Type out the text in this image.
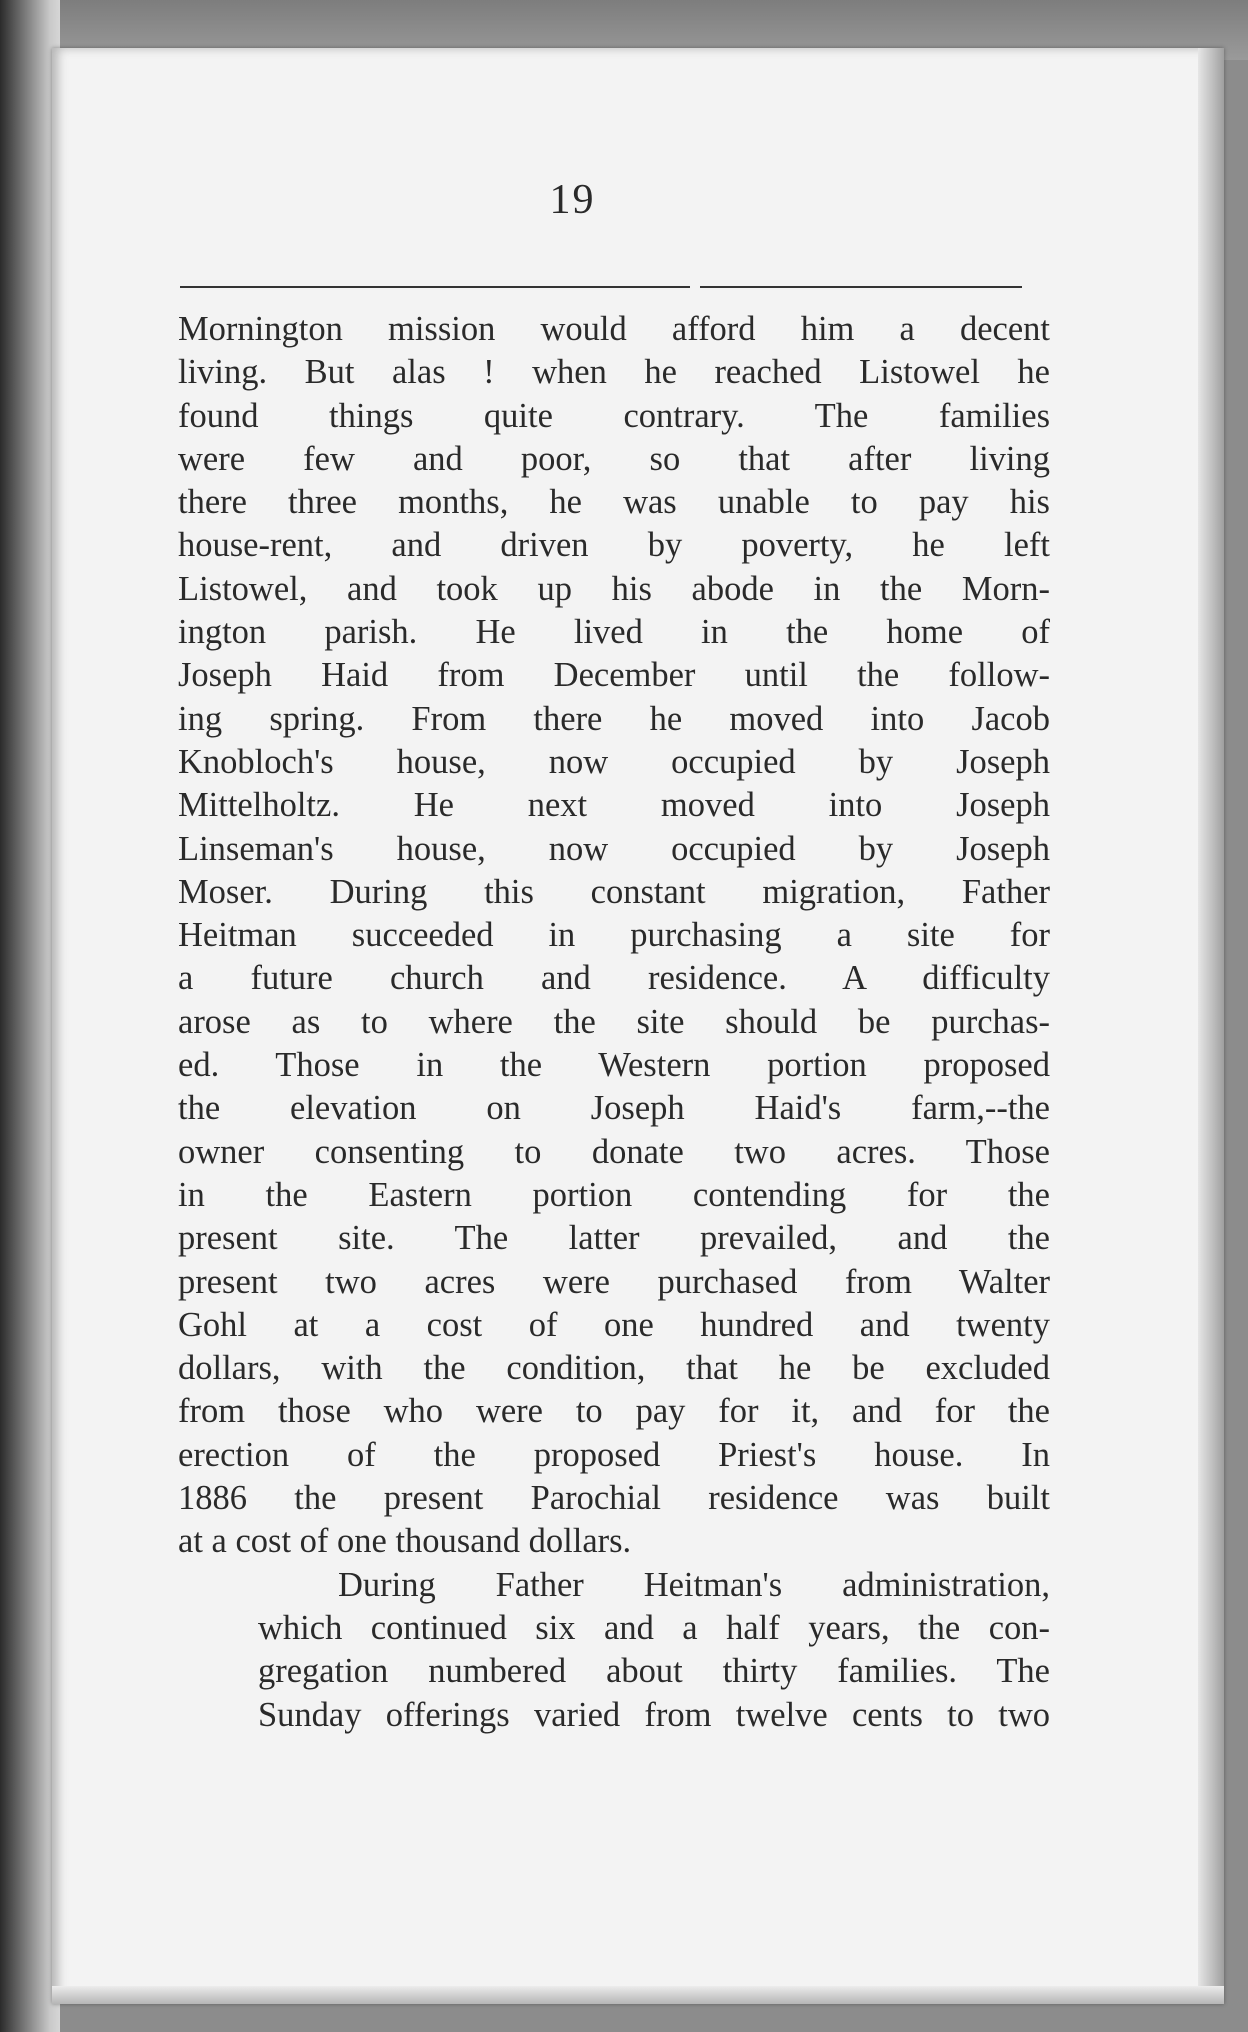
19

Mornington mission would afford him a decent
living. But alas ! when he reached Listowel he
found things quite contrary. The families
were few and poor, so that after living
there three months, he was unable to pay his
house-rent, and driven by poverty, he left
Listowel, and took up his abode in the Morn-
ington parish. He lived in the home of
Joseph Haid from December until the follow-
ing spring. From there he moved into Jacob
Knobloch's house, now occupied by Joseph
Mittelholtz. He next moved into Joseph
Linseman's house, now occupied by Joseph
Moser. During this constant migration, Father
Heitman succeeded in purchasing a site for
a future church and residence. A difficulty
arose as to where the site should be purchas-
ed. Those in the Western portion proposed
the elevation on Joseph Haid's farm,--the
owner consenting to donate two acres. Those
in the Eastern portion contending for the
present site. The latter prevailed, and the
present two acres were purchased from Walter
Gohl at a cost of one hundred and twenty
dollars, with the condition, that he be excluded
from those who were to pay for it, and for the
erection of the proposed Priest's house. In
1886 the present Parochial residence was built
at a cost of one thousand dollars.

During Father Heitman's administration,
which continued six and a half years, the con-
gregation numbered about thirty families. The
Sunday offerings varied from twelve cents to two
